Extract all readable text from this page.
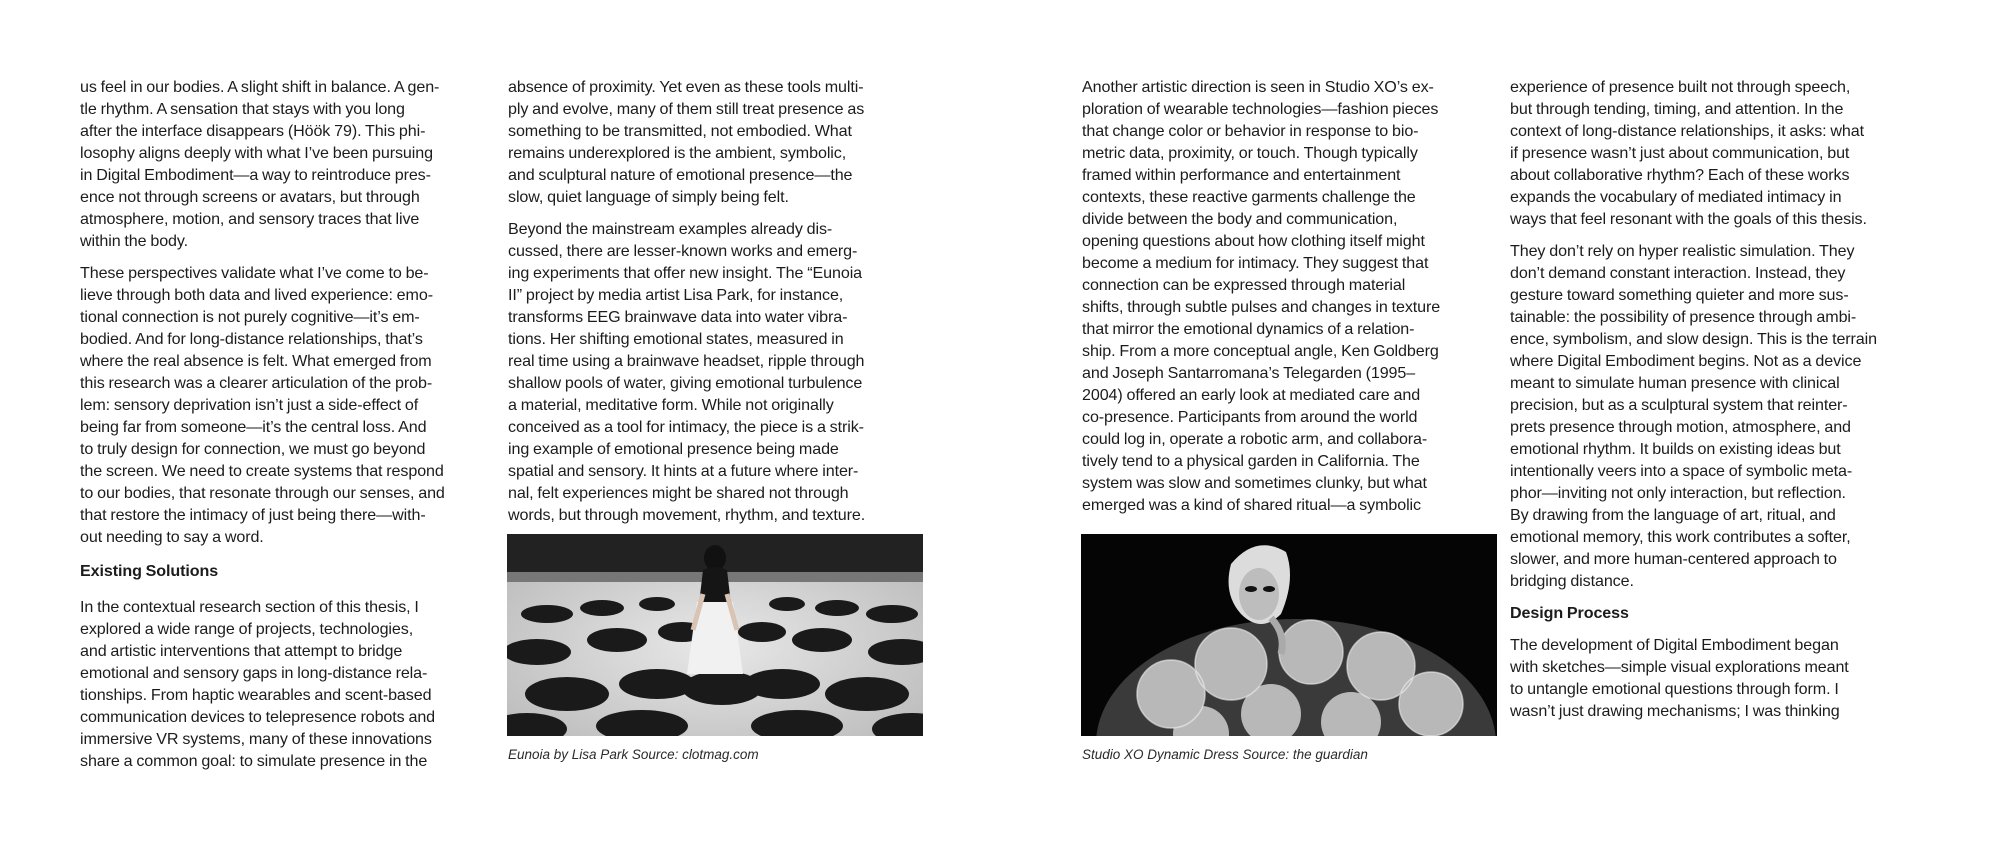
us feel in our bodies. A slight shift in balance. A gen-
tle rhythm. A sensation that stays with you long
after the interface disappears (Höök 79). This phi-
losophy aligns deeply with what I’ve been pursuing
in Digital Embodiment—a way to reintroduce pres-
ence not through screens or avatars, but through
atmosphere, motion, and sensory traces that live
within the body.

These perspectives validate what I’ve come to be-
lieve through both data and lived experience: emo-
tional connection is not purely cognitive—it’s em-
bodied. And for long-distance relationships, that’s
where the real absence is felt. What emerged from
this research was a clearer articulation of the prob-
lem: sensory deprivation isn’t just a side-effect of
being far from someone—it’s the central loss. And
to truly design for connection, we must go beyond
the screen. We need to create systems that respond
to our bodies, that resonate through our senses, and
that restore the intimacy of just being there—with-
out needing to say a word.

Existing Solutions

In the contextual research section of this thesis, I
explored a wide range of projects, technologies,
and artistic interventions that attempt to bridge
emotional and sensory gaps in long-distance rela-
tionships. From haptic wearables and scent-based
communication devices to telepresence robots and
immersive VR systems, many of these innovations
share a common goal: to simulate presence in the

absence of proximity. Yet even as these tools multi-
ply and evolve, many of them still treat presence as
something to be transmitted, not embodied. What
remains underexplored is the ambient, symbolic,
and sculptural nature of emotional presence—the
slow, quiet language of simply being felt.

Beyond the mainstream examples already dis-
cussed, there are lesser-known works and emerg-
ing experiments that offer new insight. The “Eunoia
II” project by media artist Lisa Park, for instance,
transforms EEG brainwave data into water vibra-
tions. Her shifting emotional states, measured in
real time using a brainwave headset, ripple through
shallow pools of water, giving emotional turbulence
a material, meditative form. While not originally
conceived as a tool for intimacy, the piece is a strik-
ing example of emotional presence being made
spatial and sensory. It hints at a future where inter-
nal, felt experiences might be shared not through
words, but through movement, rhythm, and texture.

Eunoia by Lisa Park Source: clotmag.com

Another artistic direction is seen in Studio XO’s ex-
ploration of wearable technologies—fashion pieces
that change color or behavior in response to bio-
metric data, proximity, or touch. Though typically
framed within performance and entertainment
contexts, these reactive garments challenge the
divide between the body and communication,
opening questions about how clothing itself might
become a medium for intimacy. They suggest that
connection can be expressed through material
shifts, through subtle pulses and changes in texture
that mirror the emotional dynamics of a relation-
ship. From a more conceptual angle, Ken Goldberg
and Joseph Santarromana’s Telegarden (1995–
2004) offered an early look at mediated care and
co-presence. Participants from around the world
could log in, operate a robotic arm, and collabora-
tively tend to a physical garden in California. The
system was slow and sometimes clunky, but what
emerged was a kind of shared ritual—a symbolic

Studio XO Dynamic Dress Source: the guardian

experience of presence built not through speech,
but through tending, timing, and attention. In the
context of long-distance relationships, it asks: what
if presence wasn’t just about communication, but
about collaborative rhythm? Each of these works
expands the vocabulary of mediated intimacy in
ways that feel resonant with the goals of this thesis.

They don’t rely on hyper realistic simulation. They
don’t demand constant interaction. Instead, they
gesture toward something quieter and more sus-
tainable: the possibility of presence through ambi-
ence, symbolism, and slow design. This is the terrain
where Digital Embodiment begins. Not as a device
meant to simulate human presence with clinical
precision, but as a sculptural system that reinter-
prets presence through motion, atmosphere, and
emotional rhythm. It builds on existing ideas but
intentionally veers into a space of symbolic meta-
phor—inviting not only interaction, but reflection.
By drawing from the language of art, ritual, and
emotional memory, this work contributes a softer,
slower, and more human-centered approach to
bridging distance.

Design Process

The development of Digital Embodiment began
with sketches—simple visual explorations meant
to untangle emotional questions through form. I
wasn’t just drawing mechanisms; I was thinking
